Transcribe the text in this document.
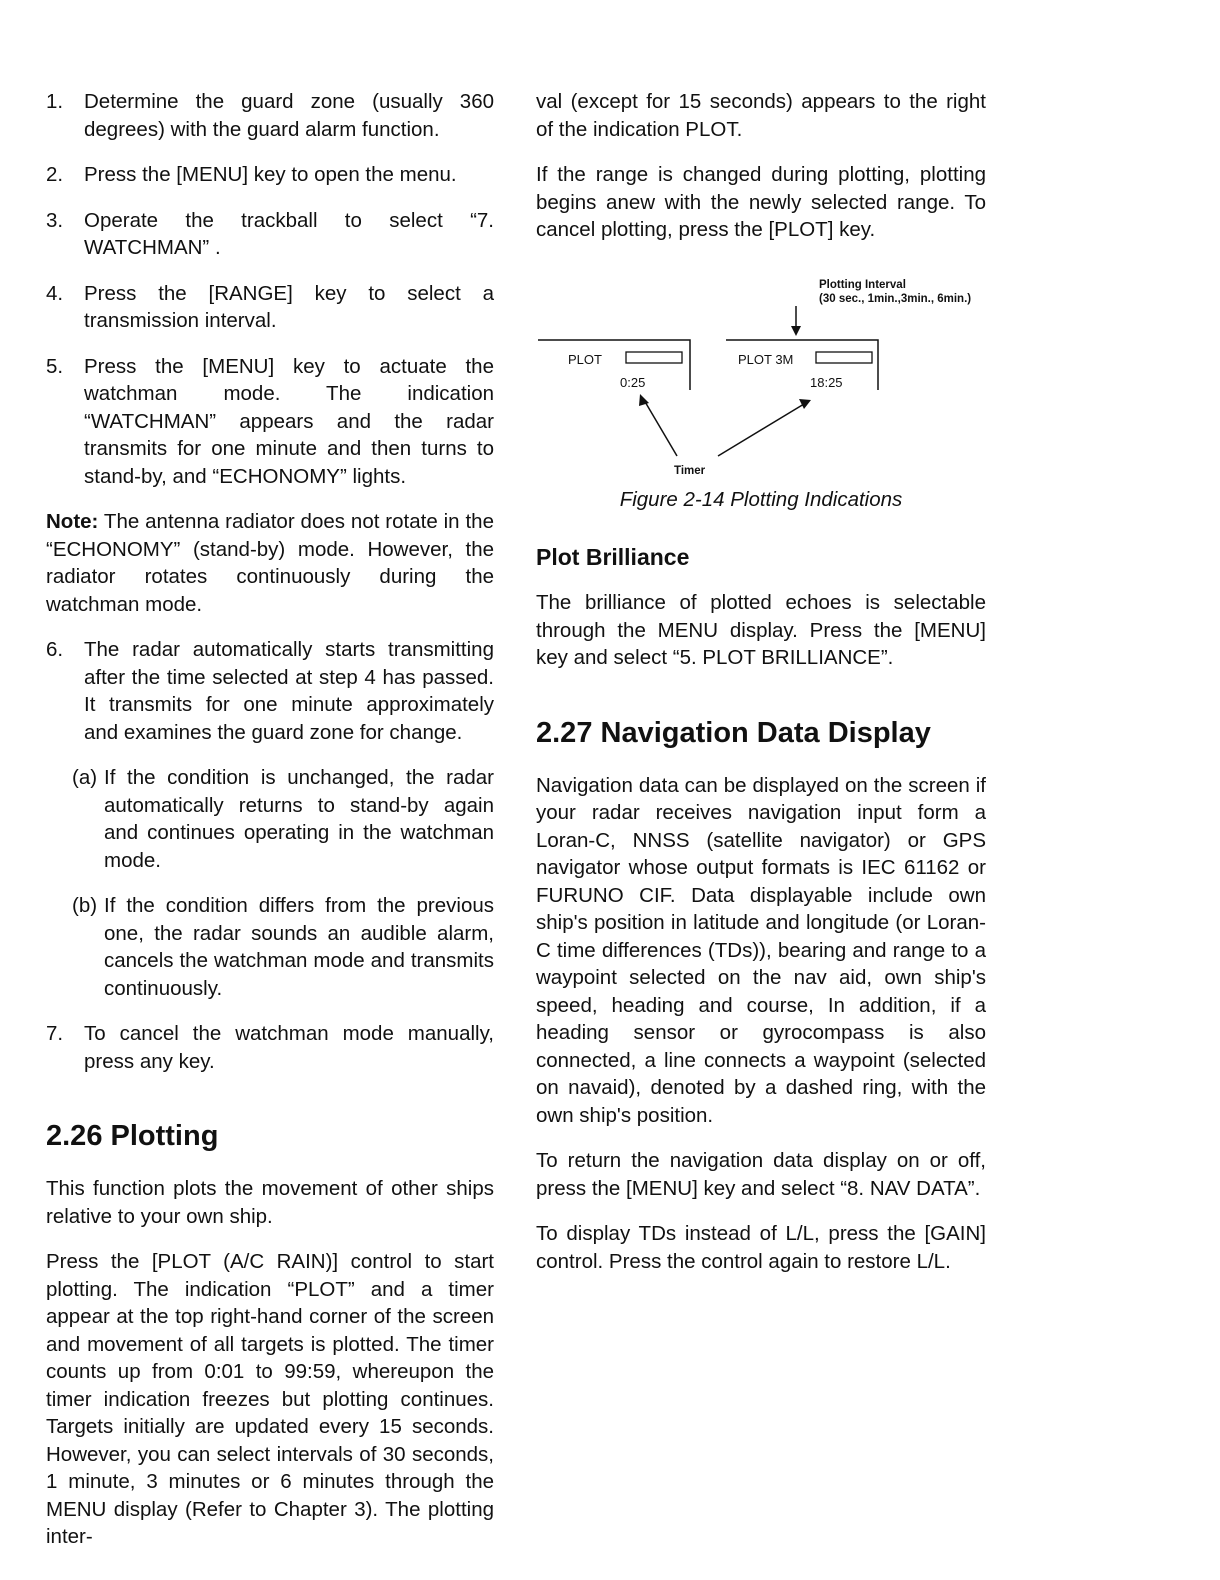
1.	Determine the guard zone (usually 360 degrees) with the guard alarm function.
2.	Press the [MENU] key to open the menu.
3.	Operate the trackball to select “7. WATCHMAN” .
4.	Press the [RANGE] key to select a transmission interval.
5.	Press the [MENU] key to actuate the watchman mode. The indication “WATCHMAN” appears and the radar transmits for one minute and then turns to stand-by, and “ECHONOMY” lights.

Note: The antenna radiator does not rotate in the “ECHONOMY” (stand-by) mode. However, the radiator rotates continuously during the watchman mode.

6.	The radar automatically starts transmitting after the time selected at step 4 has passed. It transmits for one minute approximately and examines the guard zone for change.
(a) If the condition is unchanged, the radar automatically returns to stand-by again and continues operating in the watchman mode.
(b) If the condition differs from the previous one, the radar sounds an audible alarm, cancels the watchman mode and transmits continuously.
7.	To cancel the watchman mode manually, press any key.
2.26 Plotting

This function plots the movement of other ships relative to your own ship.

Press the [PLOT (A/C RAIN)] control to start plotting. The indication “PLOT” and a timer appear at the top right-hand corner of the screen and movement of all targets is plotted. The timer counts up from 0:01 to 99:59, whereupon the timer indication freezes but plotting continues. Targets initially are updated every 15 seconds. However, you can select intervals of 30 seconds, 1 minute, 3 minutes or 6 minutes through the MENU display (Refer to Chapter 3). The plotting inter-

val (except for 15 seconds) appears to the right of the indication PLOT.

If the range is changed during plotting, plotting begins anew with the newly selected range. To cancel plotting, press the [PLOT] key.

Plotting Interval
(30 sec., 1min.,3min., 6min.)
PLOT
0:25
PLOT 3M
18:25
Timer
Figure 2-14 Plotting Indications
Plot Brilliance

The brilliance of plotted echoes is selectable through the MENU display. Press the [MENU] key and select “5. PLOT BRILLIANCE”.

2.27 Navigation Data Display

Navigation data can be displayed on the screen if your radar receives navigation input form a Loran-C, NNSS (satellite navigator) or GPS navigator whose output formats is IEC 61162 or FURUNO CIF. Data displayable include own ship's position in latitude and longitude (or Loran-C time differences (TDs)), bearing and range to a waypoint selected on the nav aid, own ship's speed, heading and course, In addition, if a heading sensor or gyrocompass is also connected, a line connects a waypoint (selected on navaid), denoted by a dashed ring, with the own ship's position.

To return the navigation data display on or off, press the [MENU] key and select “8. NAV DATA”.

To display TDs instead of L/L, press the [GAIN] control. Press the control again to restore L/L.
